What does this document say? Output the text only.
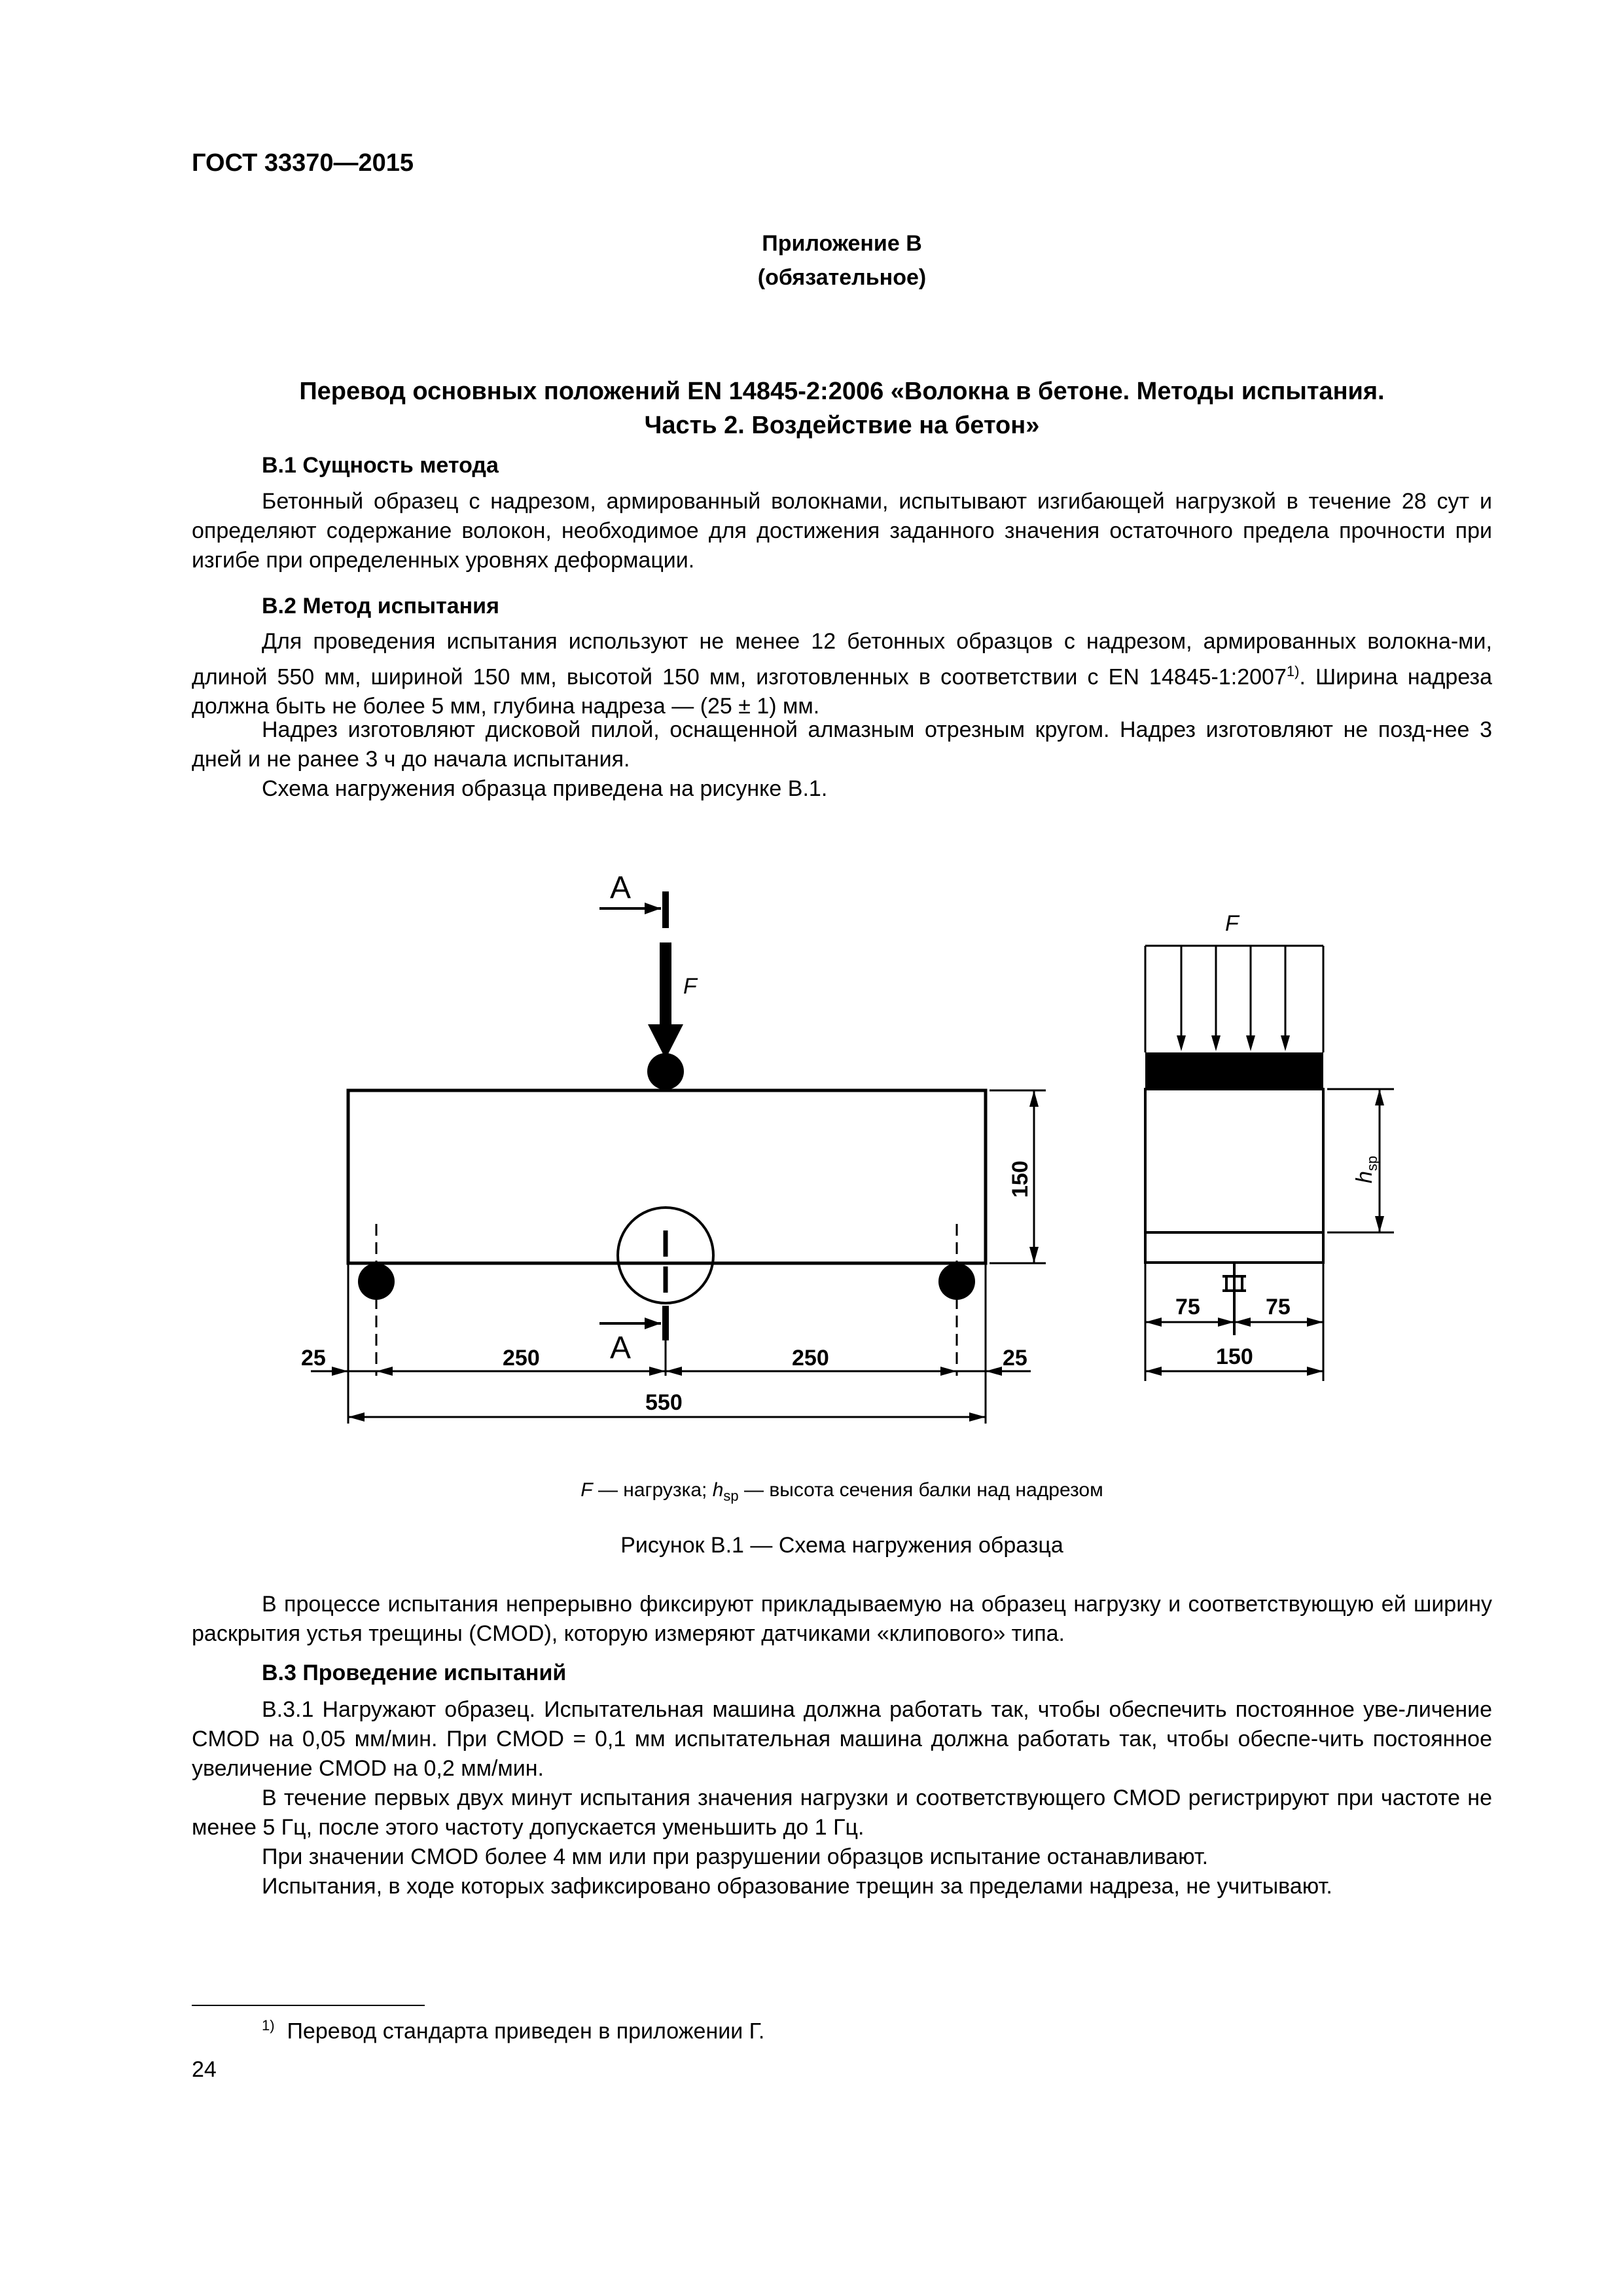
ГОСТ 33370—2015
Приложение В
(обязательное)
Перевод основных положений EN 14845-2:2006 «Волокна в бетоне. Методы испытания.
Часть 2. Воздействие на бетон»
В.1 Сущность метода
Бетонный образец с надрезом, армированный волокнами, испытывают изгибающей нагрузкой в течение 28 сут и определяют содержание волокон, необходимое для достижения заданного значения остаточного предела прочности при изгибе при определенных уровнях деформации.
В.2 Метод испытания
Для проведения испытания используют не менее 12 бетонных образцов с надрезом, армированных волокна-ми, длиной 550 мм, шириной 150 мм, высотой 150 мм, изготовленных в соответствии с EN 14845-1:2007$^{1)}$. Ширина надреза должна быть не более 5 мм, глубина надреза — (25 ± 1) мм.
Надрез изготовляют дисковой пилой, оснащенной алмазным отрезным кругом. Надрез изготовляют не позд-нее 3 дней и не ранее 3 ч до начала испытания.
Схема нагружения образца приведена на рисунке В.1.
А
А
F
25	250	250	25
550
150
F
$h_{sp}$
75	75
150
F — нагрузка; $h_{sp}$ — высота сечения балки над надрезом
Рисунок В.1 — Схема нагружения образца
В процессе испытания непрерывно фиксируют прикладываемую на образец нагрузку и соответствующую ей ширину раскрытия устья трещины (CMOD), которую измеряют датчиками «клипового» типа.
В.3 Проведение испытаний
В.3.1 Нагружают образец. Испытательная машина должна работать так, чтобы обеспечить постоянное уве-личение CMOD на 0,05 мм/мин. При CMOD = 0,1 мм испытательная машина должна работать так, чтобы обеспе-чить постоянное увеличение CMOD на 0,2 мм/мин.
В течение первых двух минут испытания значения нагрузки и соответствующего CMOD регистрируют при частоте не менее 5 Гц, после этого частоту допускается уменьшить до 1 Гц.
При значении CMOD более 4 мм или при разрушении образцов испытание останавливают.
Испытания, в ходе которых зафиксировано образование трещин за пределами надреза, не учитывают.
$^{1)}$ Перевод стандарта приведен в приложении Г.
24
